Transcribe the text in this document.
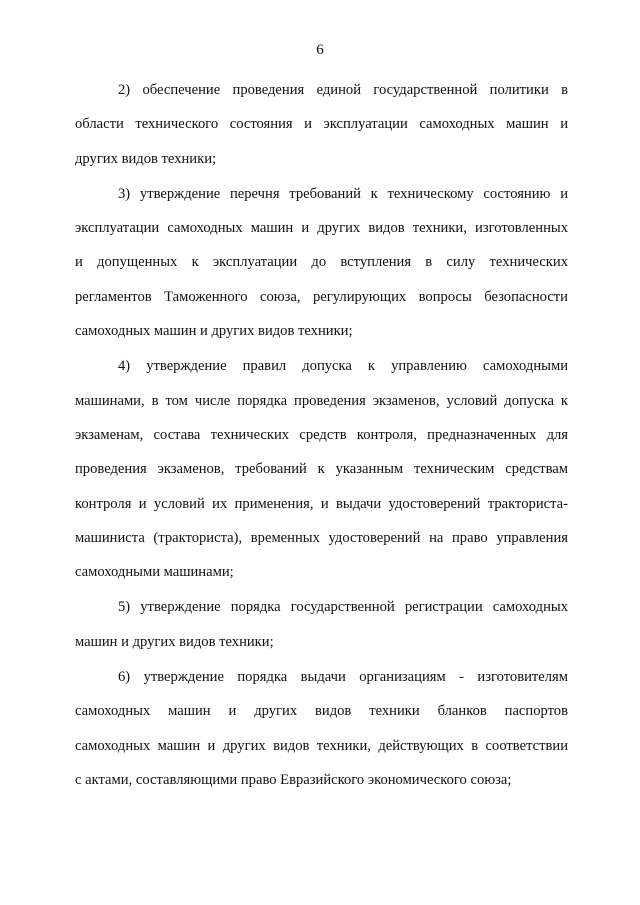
6
2) обеспечение проведения единой государственной политики в
области технического состояния и эксплуатации самоходных машин и
других видов техники;
3) утверждение перечня требований к техническому состоянию и
эксплуатации самоходных машин и других видов техники, изготовленных
и допущенных к эксплуатации до вступления в силу технических
регламентов Таможенного союза, регулирующих вопросы безопасности
самоходных машин и других видов техники;
4) утверждение правил допуска к управлению самоходными
машинами, в том числе порядка проведения экзаменов, условий допуска к
экзаменам, состава технических средств контроля, предназначенных для
проведения экзаменов, требований к указанным техническим средствам
контроля и условий их применения, и выдачи удостоверений тракториста-
машиниста (тракториста), временных удостоверений на право управления
самоходными машинами;
5) утверждение порядка государственной регистрации самоходных
машин и других видов техники;
6) утверждение порядка выдачи организациям - изготовителям
самоходных машин и других видов техники бланков паспортов
самоходных машин и других видов техники, действующих в соответствии
с актами, составляющими право Евразийского экономического союза;
